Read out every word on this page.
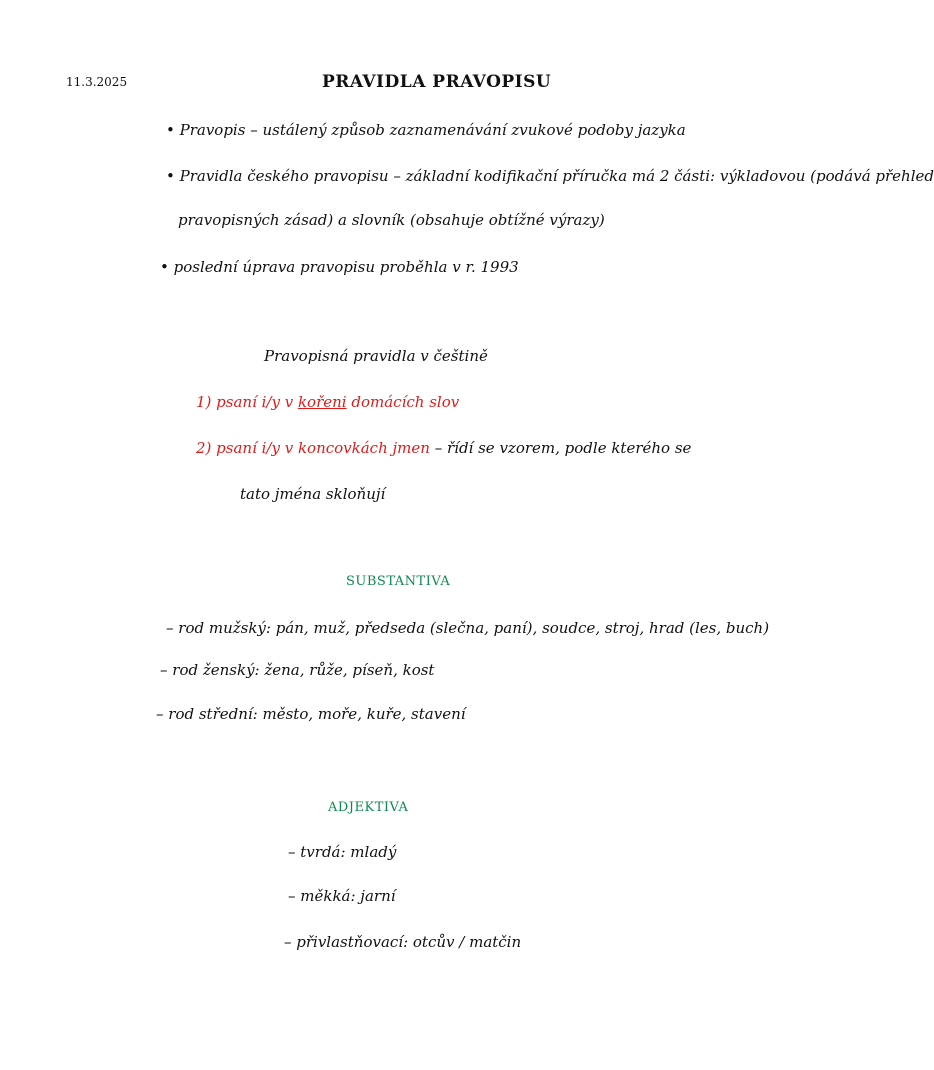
11.3.2025	PRAVIDLA PRAVOPISU
• Pravopis – ustálený způsob zaznamenávání zvukové podoby jazyka
• Pravidla českého pravopisu – základní kodifikační příručka má 2 části: výkladovou (podává přehled
pravopisných zásad) a slovník (obsahuje obtížné výrazy)
• poslední úprava pravopisu proběhla v r. 1993
Pravopisná pravidla v češtině
1) psaní i/y v kořeni domácích slov
2) psaní i/y v koncovkách jmen – řídí se vzorem, podle kterého se
tato jména skloňují
SUBSTANTIVA
– rod mužský: pán, muž, předseda (slečna, paní), soudce, stroj, hrad (les, buch)
– rod ženský: žena, růže, píseň, kost
– rod střední: město, moře, kuře, stavení
ADJEKTIVA
– tvrdá: mladý
– měkká: jarní
– přivlastňovací: otcův / matčin
